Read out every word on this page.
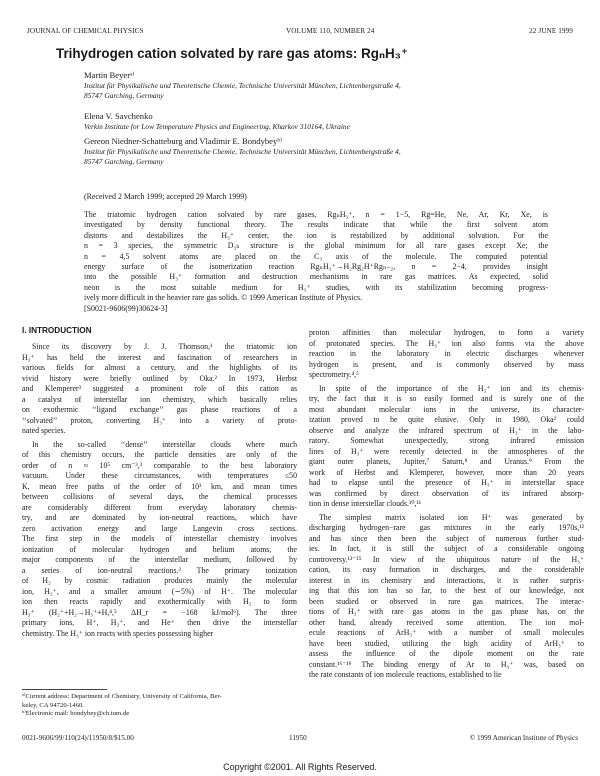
JOURNAL OF CHEMICAL PHYSICS	VOLUME 110, NUMBER 24	22 JUNE 1999
Trihydrogen cation solvated by rare gas atoms: RgₙH₃⁺
Martin Beyerᵃ⁾
Institut für Physikalische und Theoretische Chemie, Technische Universität München, Lichtenbergstraße 4,
85747 Garching, Germany
Elena V. Savchenko
Verkin Institute for Low Temperature Physics and Engineering, Kharkov 310164, Ukraine
Gereon Niedner-Schatteburg and Vladimir E. Bondybeyᵇ⁾
Institut für Physikalische und Theoretische Chemie, Technische Universität München, Lichtenbergstraße 4,
85747 Garching, Germany
(Received 2 March 1999; accepted 29 March 1999)
The triatomic hydrogen cation solvated by rare gases, RgₙH₃⁺, n = 1−5, Rg=He, Ne, Ar, Kr, Xe, is
investigated by density functional theory. The results indicate that while the first solvent atom
distorts and destabilizes the H₃⁺ center, the ion is restabilized by additional solvation. For the
n = 3 species, the symmetric D₃ₕ structure is the global minimum for all rare gases except Xe; the
n = 4,5 solvent atoms are placed on the C₃ axis of the molecule. The computed potential
energy surface of the isomerization reaction RgₙH₃⁺→H₂Rg₂H⁺Rgₙ₋₂, n = 2−4, provides insight
into the possible H₃⁺ formation and destruction mechanisms in rare gas matrices. As expected, solid
neon is the most suitable medium for H₃⁺ studies, with its stabilization becoming progress-
ively more difficult in the heavier rare gas solids. © 1999 American Institute of Physics.
[S0021-9606(99)30624-3]
I. INTRODUCTION
Since its discovery by J. J. Thomson,¹ the triatomic ion
H₃⁺ has held the interest and fascination of researchers in
various fields for almost a century, and the highlights of its
vivid history were briefly outlined by Oka.² In 1973, Herbst
and Klemperer³ suggested a prominent role of this cation as
a catalyst of interstellar ion chemistry, which basically relies
on exothermic ‘‘ligand exchange’’ gas phase reactions of a
‘‘solvated’’ proton, converting H₃⁺ into a variety of proto-
nated species.
In the so-called ‘‘dense’’ interstellar clouds where much
of this chemistry occurs, the particle densities are only of the
order of n ≈ 10⁵ cm⁻³,³ comparable to the best laboratory
vacuum. Under these circumstances, with temperatures ≤50
K, mean free paths of the order of 10³ km, and mean times
between collisions of several days, the chemical processes
are considerably different from everyday laboratory chemis-
try, and are dominated by ion-neutral reactions, which have
zero activation energy and large Langevin cross sections.
The first step in the models of interstellar chemistry involves
ionization of molecular hydrogen and helium atoms, the
major components of the interstellar medium, followed by
a series of ion-neutral reactions.³ The primary ionization
of H₂ by cosmic radiation produces mainly the molecular
ion, H₂⁺, and a smaller amount (∼5%) of H⁺. The molecular
ion then reacts rapidly and exothermically with H₂ to form
H₃⁺ (H₂⁺+H₂→H₃⁺+H,⁴,⁵ ΔH_r = −168 kJ/mol⁶). The three
primary ions, H⁺, H₃⁺, and He⁺ then drive the interstellar
chemistry. The H₃⁺ ion reacts with species possessing higher
proton affinities than molecular hydrogen, to form a variety
of protonated species. The H₃⁺ ion also forms via the above
reaction in the laboratory in electric discharges whenever
hydrogen is present, and is commonly observed by mass
spectrometry.⁴,⁵
In spite of the importance of the H₃⁺ ion and its chemis-
try, the fact that it is so easily formed and is surely one of the
most abundant molecular ions in the universe, its character-
ization proved to be quite elusive. Only in 1980, Oka² could
observe and analyze the infrared spectrum of H₃⁺ in the labo-
ratory. Somewhat unexpectedly, strong infrared emission
lines of H₃⁺ were recently detected in the atmospheres of the
giant outer planets, Jupiter,⁷ Saturn,⁸ and Uranus.⁹ From the
work of Herbst and Klemperer, however, more than 20 years
had to elapse until the presence of H₃⁺ in interstellar space
was confirmed by direct observation of its infrared absorp-
tion in dense interstellar clouds.¹⁰,¹¹
The simplest matrix isolated ion H⁺ was generated by
discharging hydrogen−rare gas mixtures in the early 1970s,¹²
and has since then been the subject of numerous further stud-
ies. In fact, it is still the subject of a considerable ongoing
controversy.¹³⁻¹⁵ In view of the ubiquitous nature of the H₃⁺
cation, its easy formation in discharges, and the considerable
interest in its chemistry and interactions, it is rather surpris-
ing that this ion has so far, to the best of our knowledge, not
been studied or observed in rare gas matrices. The interac-
tions of H₃⁺ with rare gas atoms in the gas phase has, on the
other hand, already received some attention. The ion mol-
ecule reactions of ArH₃⁺ with a number of small molecules
have been studied, utilizing the high acidity of ArH₃⁺ to
assess the influence of the dipole moment on the rate
constant.¹⁶⁻¹⁹ The binding energy of Ar to H₃⁺ was, based on
the rate constants of ion molecule reactions, established to lie
ᵃ⁾Current address: Department of Chemistry, University of California, Ber-
keley, CA 94720-1460.
ᵇ⁾Electronic mail: bondybey@ch.tum.de
0021-9606/99/110(24)/11950/8/$15.00	11950	© 1999 American Institute of Physics
Copyright ©2001. All Rights Reserved.
